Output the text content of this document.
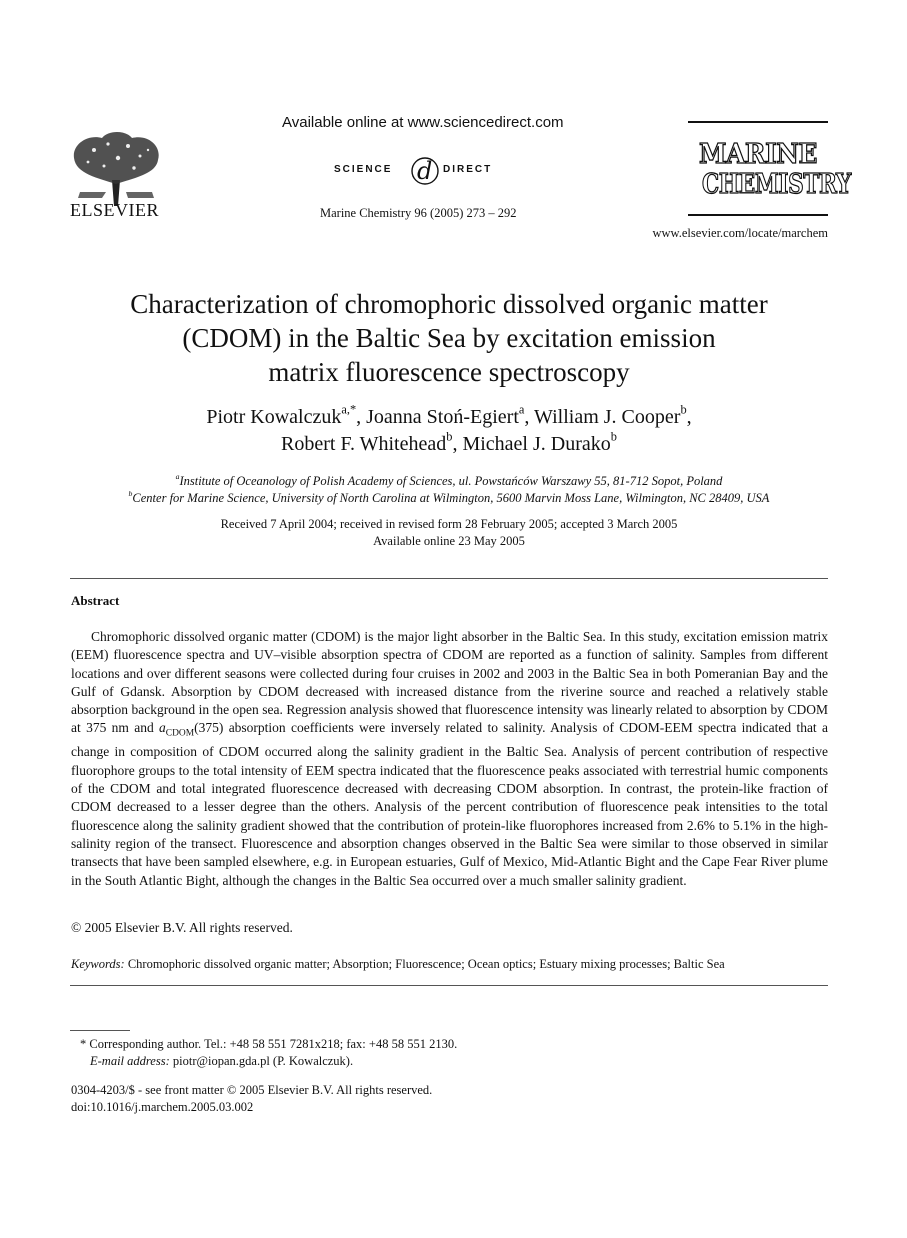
ELSEVIER
Available online at www.sciencedirect.com
SCIENCE d DIRECT
Marine Chemistry 96 (2005) 273 – 292
MARINE
CHEMISTRY
www.elsevier.com/locate/marchem
Characterization of chromophoric dissolved organic matter
(CDOM) in the Baltic Sea by excitation emission
matrix fluorescence spectroscopy
Piotr Kowalczuk$^{a,*}$, Joanna Stoń-Egiert$^a$, William J. Cooper$^b$,
Robert F. Whitehead$^b$, Michael J. Durako$^b$
$^a$Institute of Oceanology of Polish Academy of Sciences, ul. Powstańców Warszawy 55, 81-712 Sopot, Poland
$^b$Center for Marine Science, University of North Carolina at Wilmington, 5600 Marvin Moss Lane, Wilmington, NC 28409, USA
Received 7 April 2004; received in revised form 28 February 2005; accepted 3 March 2005
Available online 23 May 2005
Abstract

Chromophoric dissolved organic matter (CDOM) is the major light absorber in the Baltic Sea. In this study, excitation emission matrix (EEM) fluorescence spectra and UV–visible absorption spectra of CDOM are reported as a function of salinity. Samples from different locations and over different seasons were collected during four cruises in 2002 and 2003 in the Baltic Sea in both Pomeranian Bay and the Gulf of Gdansk. Absorption by CDOM decreased with increased distance from the riverine source and reached a relatively stable absorption background in the open sea. Regression analysis showed that fluorescence intensity was linearly related to absorption by CDOM at 375 nm and $a_{CDOM}(375)$ absorption coefficients were inversely related to salinity. Analysis of CDOM-EEM spectra indicated that a change in composition of CDOM occurred along the salinity gradient in the Baltic Sea. Analysis of percent contribution of respective fluorophore groups to the total intensity of EEM spectra indicated that the fluorescence peaks associated with terrestrial humic components of the CDOM and total integrated fluorescence decreased with decreasing CDOM absorption. In contrast, the protein-like fraction of CDOM decreased to a lesser degree than the others. Analysis of the percent contribution of fluorescence peak intensities to the total fluorescence along the salinity gradient showed that the contribution of protein-like fluorophores increased from 2.6% to 5.1% in the high-salinity region of the transect. Fluorescence and absorption changes observed in the Baltic Sea were similar to those observed in similar transects that have been sampled elsewhere, e.g. in European estuaries, Gulf of Mexico, Mid-Atlantic Bight and the Cape Fear River plume in the South Atlantic Bight, although the changes in the Baltic Sea occurred over a much smaller salinity gradient.

© 2005 Elsevier B.V. All rights reserved.
Keywords: Chromophoric dissolved organic matter; Absorption; Fluorescence; Ocean optics; Estuary mixing processes; Baltic Sea
* Corresponding author. Tel.: +48 58 551 7281x218; fax: +48 58 551 2130.
E-mail address: piotr@iopan.gda.pl (P. Kowalczuk).
0304-4203/$ - see front matter © 2005 Elsevier B.V. All rights reserved.
doi:10.1016/j.marchem.2005.03.002
